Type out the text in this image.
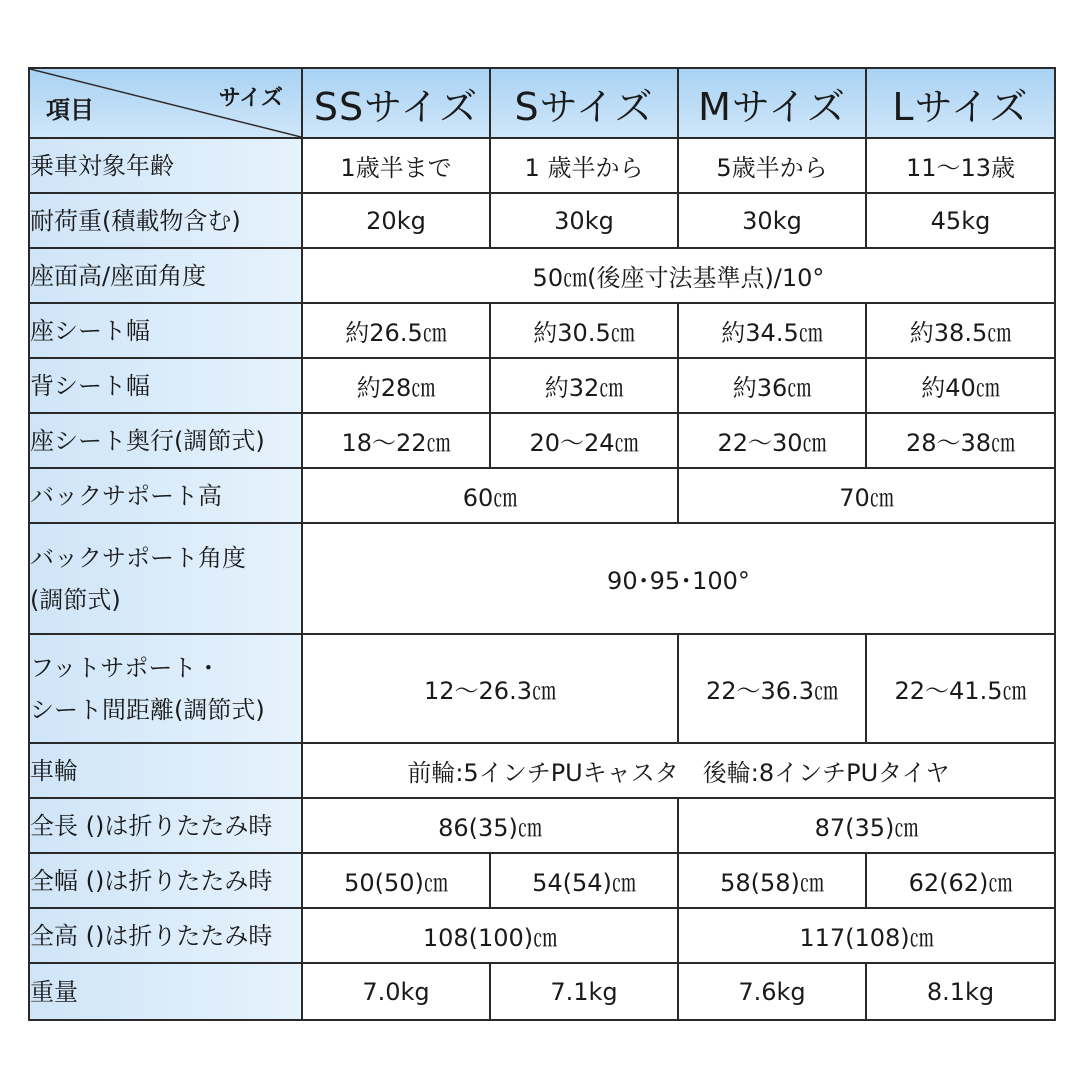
サイズ
項目	SSサイズ	Sサイズ	Mサイズ	Lサイズ
乗車対象年齢	1歳半まで	1 歳半から	5歳半から	11〜13歳
耐荷重(積載物含む)	20kg	30kg	30kg	45kg
座面高/座面角度	50㎝(後座寸法基準点)/10°			
座シート幅	約26.5㎝	約30.5㎝	約34.5㎝	約38.5㎝
背シート幅	約28㎝	約32㎝	約36㎝	約40㎝
座シート奥行(調節式)	18〜22㎝	20〜24㎝	22〜30㎝	28〜38㎝
バックサポート高	60㎝		70㎝	

バックサポート角度
(調節式)	90･95･100°			

フットサポート・
シート間距離(調節式)	12〜26.3㎝		22〜36.3㎝	22〜41.5㎝
車輪	前輪:5インチPUキャスタ　後輪:8インチPUタイヤ			
全長 ()は折りたたみ時	86(35)㎝		87(35)㎝	
全幅 ()は折りたたみ時	50(50)㎝	54(54)㎝	58(58)㎝	62(62)㎝
全高 ()は折りたたみ時	108(100)㎝		117(108)㎝	
重量	7.0kg	7.1kg	7.6kg	8.1kg
